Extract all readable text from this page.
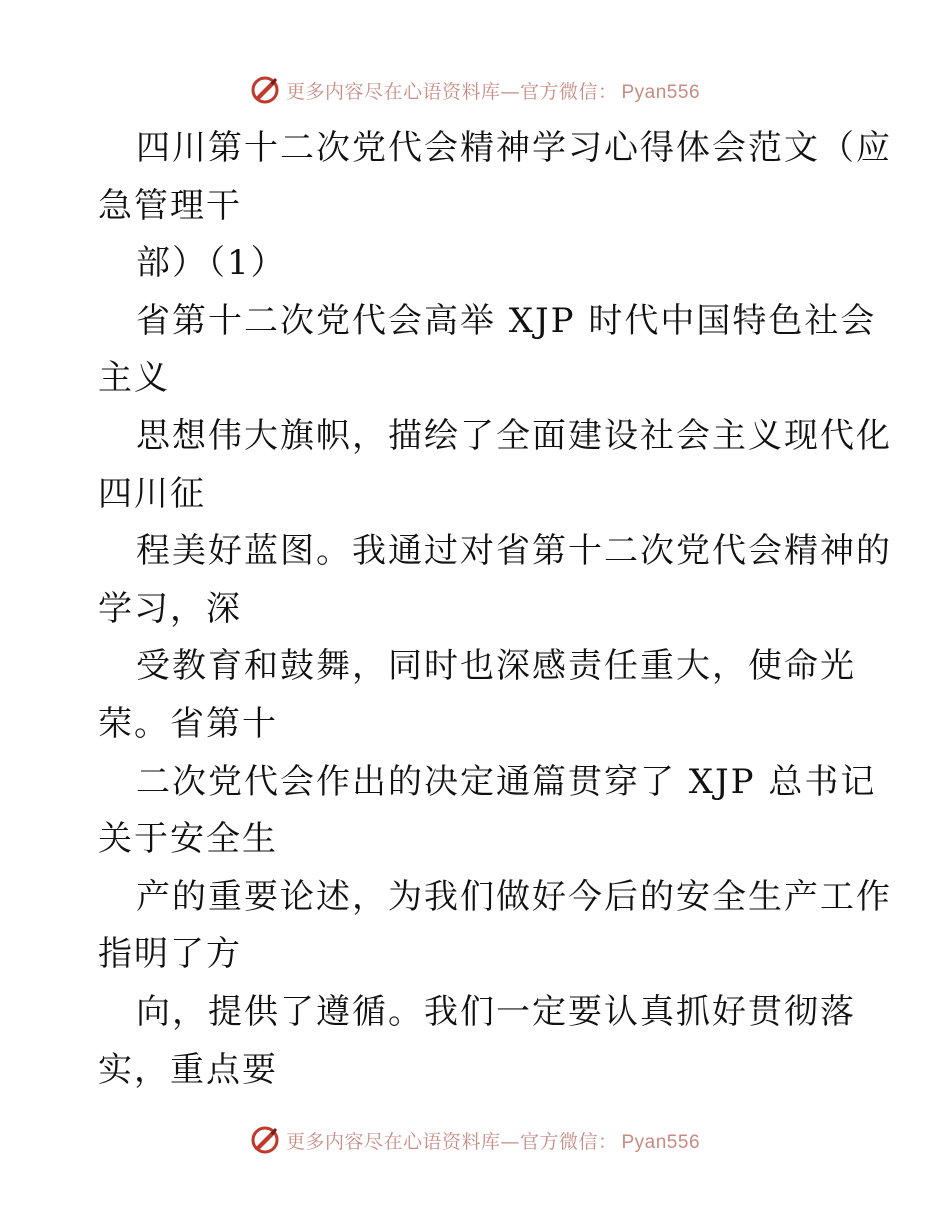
更多内容尽在心语资料库—官方微信： Pyan556
四川第十二次党代会精神学习心得体会范文（应
急管理干
部）（1）
省第十二次党代会高举 XJP 时代中国特色社会
主义
思想伟大旗帜，描绘了全面建设社会主义现代化
四川征
程美好蓝图。我通过对省第十二次党代会精神的
学习，深
受教育和鼓舞，同时也深感责任重大，使命光
荣。省第十
二次党代会作出的决定通篇贯穿了 XJP 总书记
关于安全生
产的重要论述，为我们做好今后的安全生产工作
指明了方
向，提供了遵循。我们一定要认真抓好贯彻落
实，重点要
更多内容尽在心语资料库—官方微信： Pyan556
